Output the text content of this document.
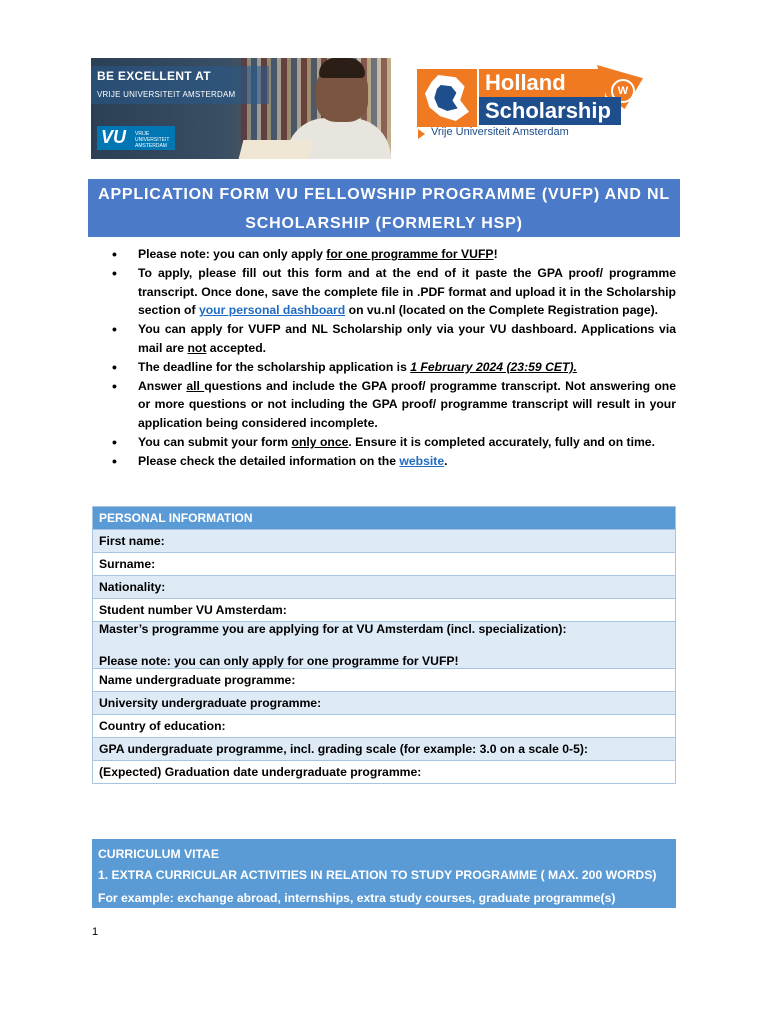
BE EXCELLENT AT
VRIJE UNIVERSITEIT AMSTERDAM
VU VRIJE UNIVERSITEIT AMSTERDAM
W
Holland
Scholarship
Vrije Universiteit Amsterdam
APPLICATION FORM VU FELLOWSHIP PROGRAMME (VUFP) AND NL SCHOLARSHIP (FORMERLY HSP)
• Please note: you can only apply for one programme for VUFP!
• To apply, please fill out this form and at the end of it paste the GPA proof/ programme transcript. Once done, save the complete file in .PDF format and upload it in the Scholarship section of your personal dashboard on vu.nl (located on the Complete Registration page).
• You can apply for VUFP and NL Scholarship only via your VU dashboard. Applications via mail are not accepted.
• The deadline for the scholarship application is 1 February 2024 (23:59 CET).
• Answer all questions and include the GPA proof/ programme transcript. Not answering one or more questions or not including the GPA proof/ programme transcript will result in your application being considered incomplete.
• You can submit your form only once. Ensure it is completed accurately, fully and on time.
• Please check the detailed information on the website.
PERSONAL INFORMATION
First name:
Surname:
Nationality:
Student number VU Amsterdam:

Master’s programme you are applying for at VU Amsterdam (incl. specialization):
Please note: you can only apply for one programme for VUFP!

Name undergraduate programme:
University undergraduate programme:
Country of education:
GPA undergraduate programme, incl. grading scale (for example: 3.0 on a scale 0-5):
(Expected) Graduation date undergraduate programme:
CURRICULUM VITAE
1. EXTRA CURRICULAR ACTIVITIES IN RELATION TO STUDY PROGRAMME ( MAX. 200 WORDS)
For example: exchange abroad, internships, extra study courses, graduate programme(s)
1
